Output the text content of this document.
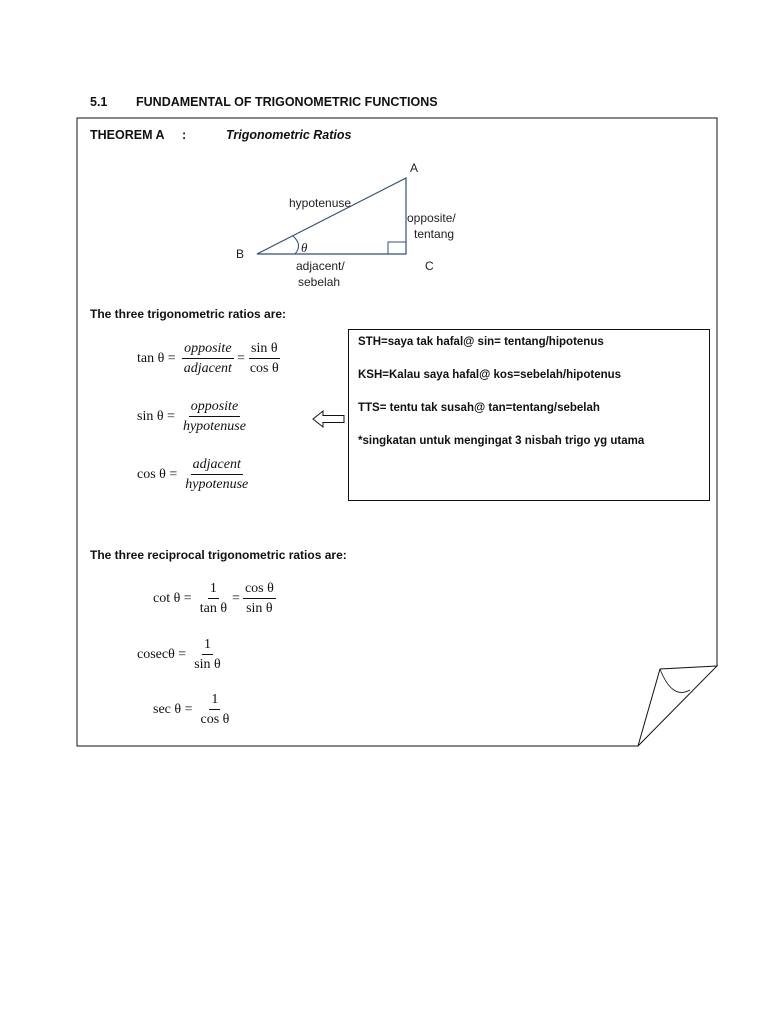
5.1 FUNDAMENTAL OF TRIGONOMETRIC FUNCTIONS
THEOREM A :	Trigonometric Ratios
A
B
C
hypotenuse
opposite/
tentang
adjacent/
sebelah
θ
The three trigonometric ratios are:
$\tan \theta = \frac{\text{opposite}}{\text{adjacent}} = \frac{\text{sin θ}}{\text{cos θ}}$
$\sin \theta = \frac{\text{opposite}}{\text{hypotenuse}}$
$\cos \theta = \frac{\text{adjacent}}{\text{hypotenuse}}$
STH=saya tak hafal@ sin= tentang/hipotenus
KSH=Kalau saya hafal@ kos=sebelah/hipotenus
TTS= tentu tak susah@ tan=tentang/sebelah
*singkatan untuk mengingat 3 nisbah trigo yg utama
The three reciprocal trigonometric ratios are:
$\cot \theta = \frac{1}{\text{tan θ}} = \frac{\text{cos θ}}{\text{sin θ}}$
$cosec\theta = \frac{1}{\text{sin θ}}$
$\sec \theta = \frac{1}{\text{cos θ}}$
